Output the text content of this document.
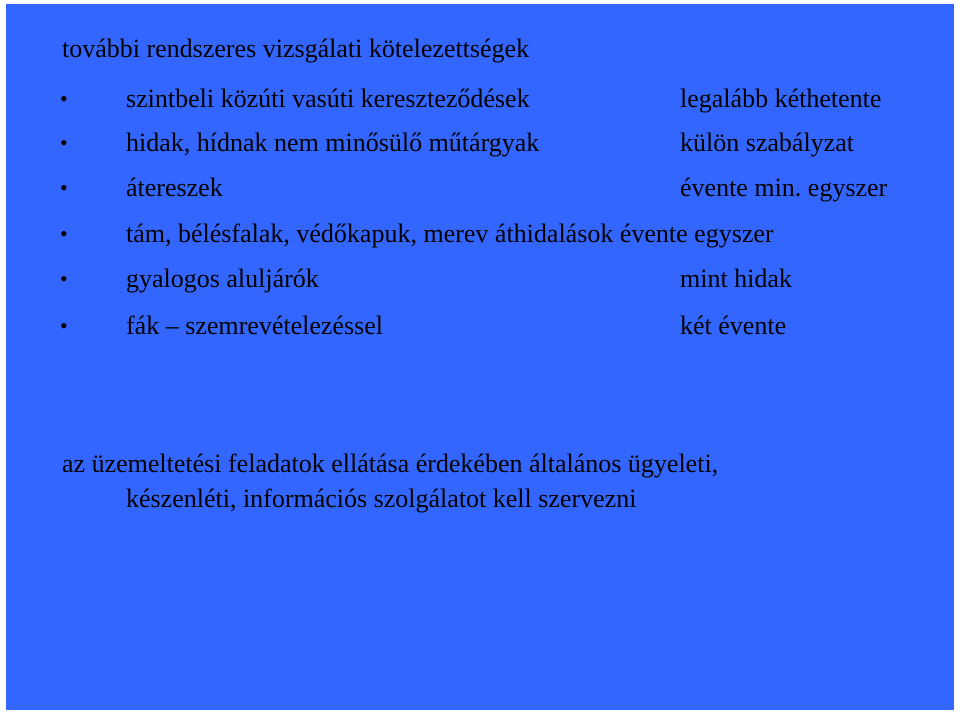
további rendszeres vizsgálati kötelezettségek
• szintbeli közúti vasúti kereszteződések	legalább kéthetente
• hidak, hídnak nem minősülő műtárgyak	külön szabályzat
• átereszek	évente min. egyszer
• tám, bélésfalak, védőkapuk, merev áthidalások évente egyszer
• gyalogos aluljárók	mint hidak
• fák – szemrevételezéssel	két évente
az üzemeltetési feladatok ellátása érdekében általános ügyeleti,
készenléti, információs szolgálatot kell szervezni
